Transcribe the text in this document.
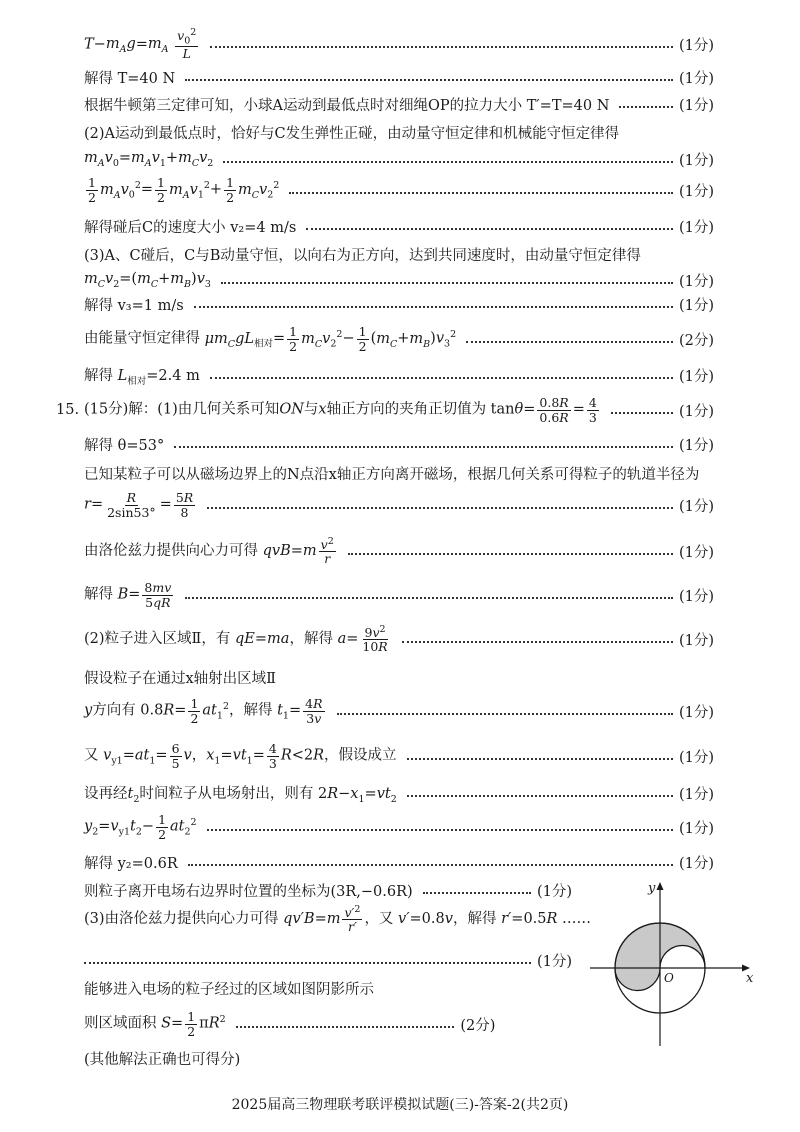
$T-m_Ag=m_A \frac{v_0^2}{L}$	(1分)
解得 T=40 N	(1分)
根据牛顿第三定律可知，小球A运动到最低点时对细绳OP的拉力大小 T′=T=40 N	(1分)
(2)A运动到最低点时，恰好与C发生弹性正碰，由动量守恒定律和机械能守恒定律得
$m_Av_0=m_Av_1+m_Cv_2$	(1分)
$\frac{1}{2} m_Av_0^2= \frac{1}{2} m_Av_1^2+ \frac{1}{2} m_Cv_2^2$	(1分)
解得碰后C的速度大小 v₂=4 m/s	(1分)
(3)A、C碰后，C与B动量守恒，以向右为正方向，达到共同速度时，由动量守恒定律得
$m_Cv_2=(m_C+m_B)v_3$	(1分)
解得 v₃=1 m/s	(1分)
由能量守恒定律得 $\mu m_CgL_{相对}= \frac{1}{2} m_Cv_2^2- \frac{1}{2} (m_C+m_B)v_3^2$	(2分)
解得 $L_{相对}=2.4$ m	(1分)
15. (15分)解：(1)由几何关系可知ON与x轴正方向的夹角正切值为 $\tan\theta= \frac{0.8R}{0.6R} = \frac{4}{3}$	(1分)
解得 θ=53°	(1分)
已知某粒子可以从磁场边界上的N点沿x轴正方向离开磁场，根据几何关系可得粒子的轨道半径为
$r= \frac{R}{2\sin 53^\circ} = \frac{5R}{8}$	(1分)
由洛伦兹力提供向心力可得 $qvB=m \frac{v^2}{r}$	(1分)
解得 $B= \frac{8mv}{5qR}$	(1分)
(2)粒子进入区域Ⅱ，有 qE=ma，解得 $a= \frac{9v^2}{10R}$	(1分)
假设粒子在通过x轴射出区域Ⅱ
y方向有 $0.8R= \frac{1}{2} at_1^2$，解得 $t_1= \frac{4R}{3v}$	(1分)
又 $v_{y1}=at_1= \frac{6}{5}$ v，$x_1=vt_1= \frac{4}{3} R<2R$，假设成立	(1分)
设再经$t_2$时间粒子从电场射出，则有 $2R-x_1=vt_2$	(1分)
$y_2=v_{y1}t_2- \frac{1}{2} at_2^2$	(1分)
解得 y₂=0.6R	(1分)
则粒子离开电场右边界时位置的坐标为(3R,−0.6R)	(1分)
(3)由洛伦兹力提供向心力可得 $qv'B=m \frac{v'^2}{r'}$ ，又 v′=0.8v，解得 r′=0.5R ……
(1分)
能够进入电场的粒子经过的区域如图阴影所示
则区域面积 $S= \frac{1}{2} \pi R^2$	(2分)
(其他解法正确也可得分)
y
x
O
2025届高三物理联考联评模拟试题(三)-答案-2(共2页)
